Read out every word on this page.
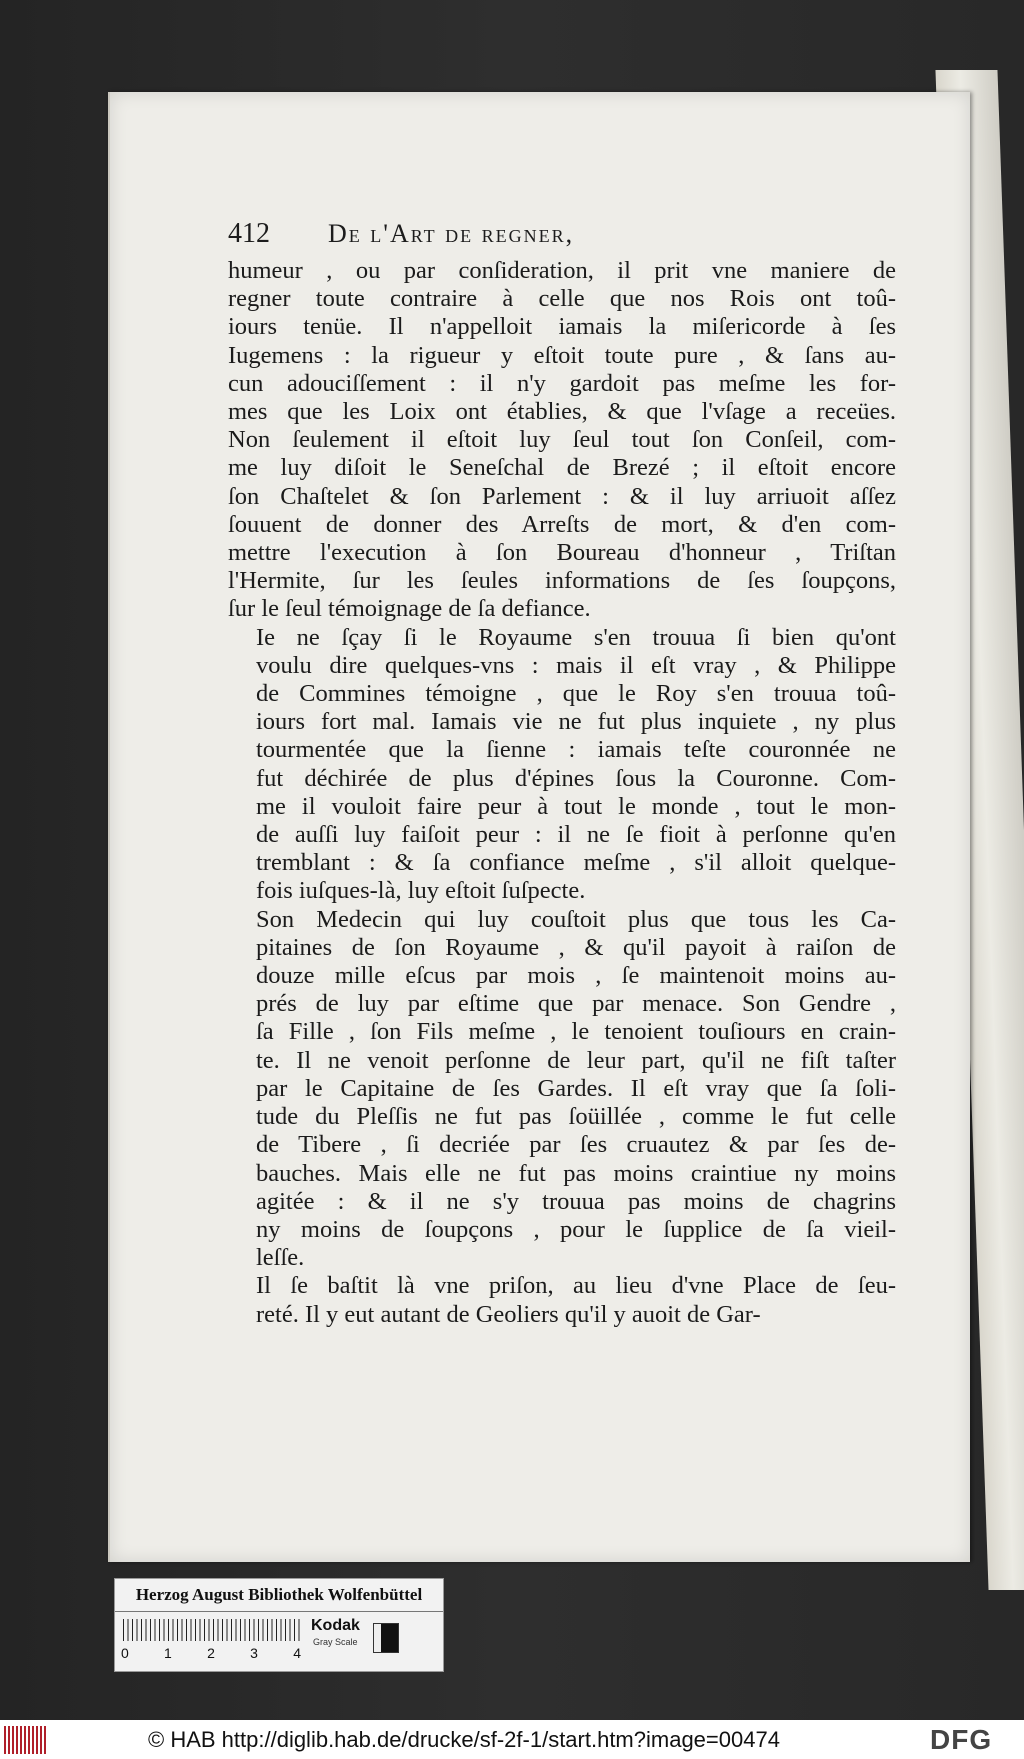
412	De l'Art de regner,

humeur , ou par conſideration, il prit vne maniere de
regner toute contraire à celle que nos Rois ont toû-
iours tenüe. Il n'appelloit iamais la miſericorde à ſes
Iugemens : la rigueur y eſtoit toute pure , & ſans au-
cun adouciſſement : il n'y gardoit pas meſme les for-
mes que les Loix ont établies, & que l'vſage a receües.
Non ſeulement il eſtoit luy ſeul tout ſon Conſeil, com-
me luy diſoit le Seneſchal de Brezé ; il eſtoit encore
ſon Chaſtelet & ſon Parlement : & il luy arriuoit aſſez
ſouuent de donner des Arreſts de mort, & d'en com-
mettre l'execution à ſon Boureau d'honneur , Triſtan
l'Hermite, ſur les ſeules informations de ſes ſoupçons,
ſur le ſeul témoignage de ſa defiance.

Ie ne ſçay ſi le Royaume s'en trouua ſi bien qu'ont
voulu dire quelques-vns : mais il eſt vray , & Philippe
de Commines témoigne , que le Roy s'en trouua toû-
iours fort mal. Iamais vie ne fut plus inquiete , ny plus
tourmentée que la ſienne : iamais teſte couronnée ne
fut déchirée de plus d'épines ſous la Couronne. Com-
me il vouloit faire peur à tout le monde , tout le mon-
de auſſi luy faiſoit peur : il ne ſe fioit à perſonne qu'en
tremblant : & ſa confiance meſme , s'il alloit quelque-
fois iuſques-là, luy eſtoit ſuſpecte.

Son Medecin qui luy couſtoit plus que tous les Ca-
pitaines de ſon Royaume , & qu'il payoit à raiſon de
douze mille eſcus par mois , ſe maintenoit moins au-
prés de luy par eſtime que par menace. Son Gendre ,
ſa Fille , ſon Fils meſme , le tenoient touſiours en crain-
te. Il ne venoit perſonne de leur part, qu'il ne fiſt taſter
par le Capitaine de ſes Gardes. Il eſt vray que ſa ſoli-
tude du Pleſſis ne fut pas ſoüillée , comme le fut celle
de Tibere , ſi decriée par ſes cruautez & par ſes de-
bauches. Mais elle ne fut pas moins craintiue ny moins
agitée : & il ne s'y trouua pas moins de chagrins
ny moins de ſoupçons , pour le ſupplice de ſa vieil-
leſſe.

Il ſe baſtit là vne priſon, au lieu d'vne Place de ſeu-
reté. Il y eut autant de Geoliers qu'il y auoit de Gar-

Herzog August Bibliothek Wolfenbüttel
0	1	2	3	4
Kodak
Gray Scale
© HAB http://diglib.hab.de/drucke/sf-2f-1/start.htm?image=00474	DFG
